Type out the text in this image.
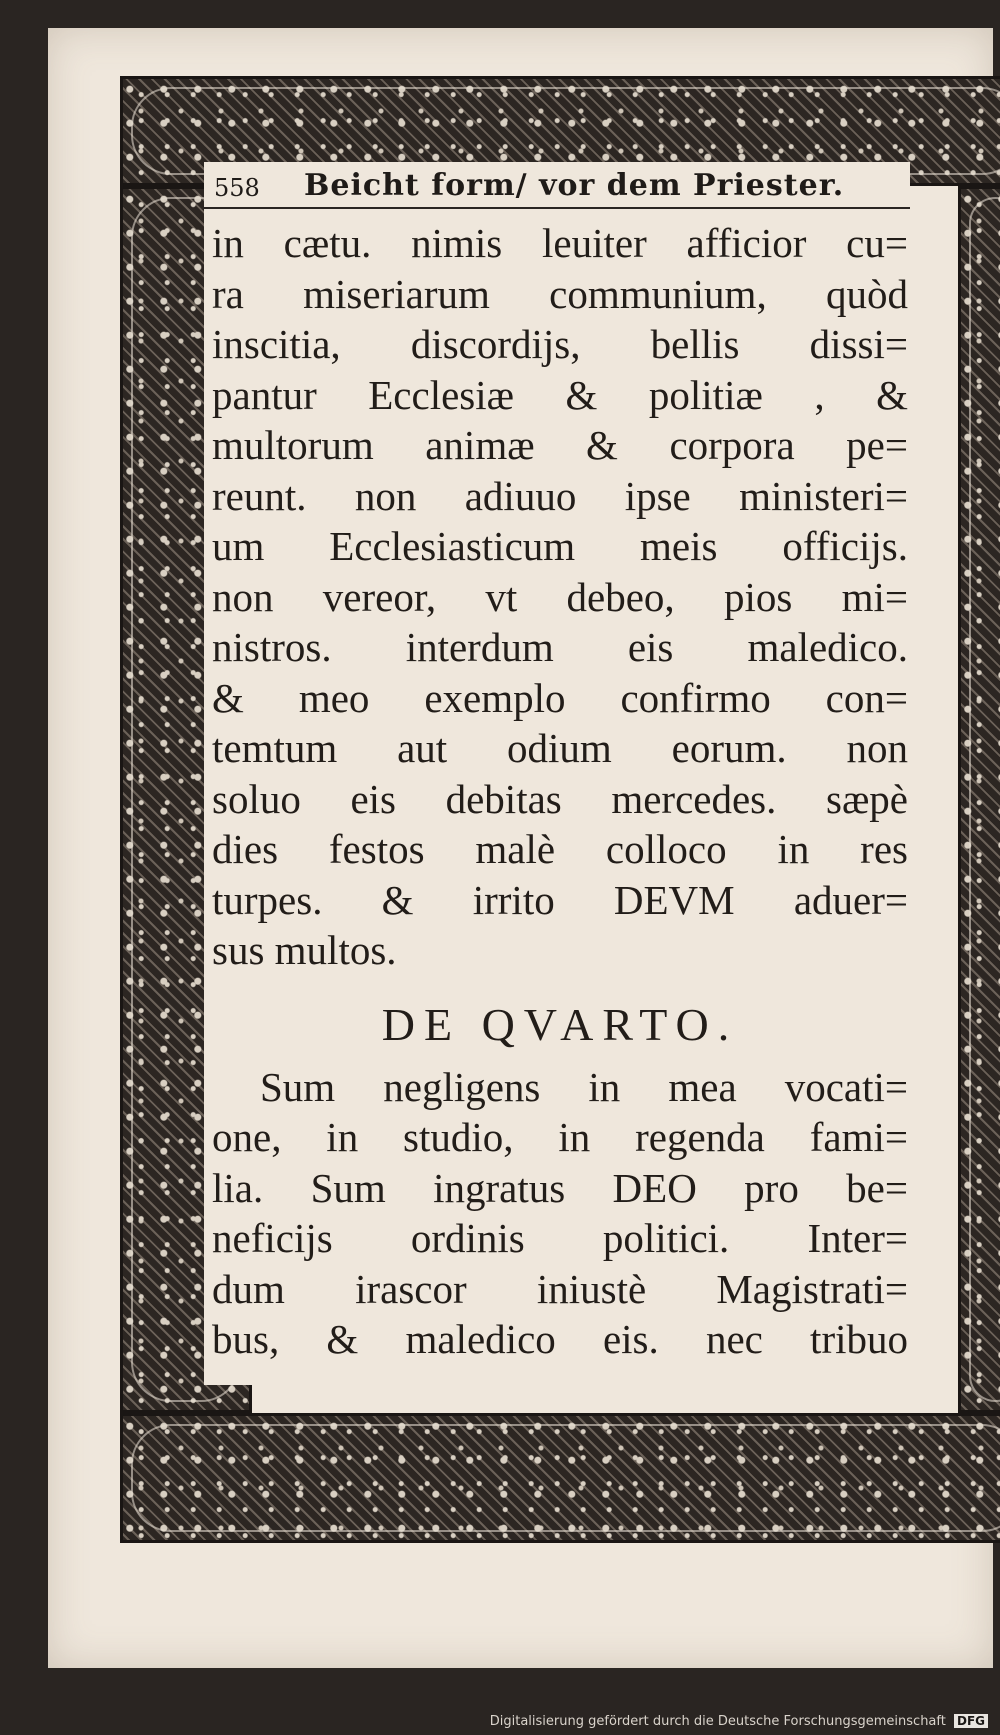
558 Beicht form/ vor dem Priester.
in cætu. nimis leuiter afficior cu=
ra miseriarum communium, quòd
inscitia, discordijs, bellis dissi=
pantur Ecclesiæ & politiæ , &
multorum animæ & corpora pe=
reunt. non adiuuo ipse ministeri=
um Ecclesiasticum meis officijs.
non vereor, vt debeo, pios mi=
nistros. interdum eis maledico.
& meo exemplo confirmo con=
temtum aut odium eorum. non
soluo eis debitas mercedes. sæpè
dies festos malè colloco in res
turpes. & irrito DEVM aduer=
sus multos.
DE QVARTO.
Sum negligens in mea vocati=
one, in studio, in regenda fami=
lia. Sum ingratus DEO pro be=
neficijs ordinis politici. Inter=
dum irascor iniustè Magistrati=
bus, & maledico eis. nec tribuo
Digitalisierung gefördert durch die Deutsche Forschungsgemeinschaft DFG
